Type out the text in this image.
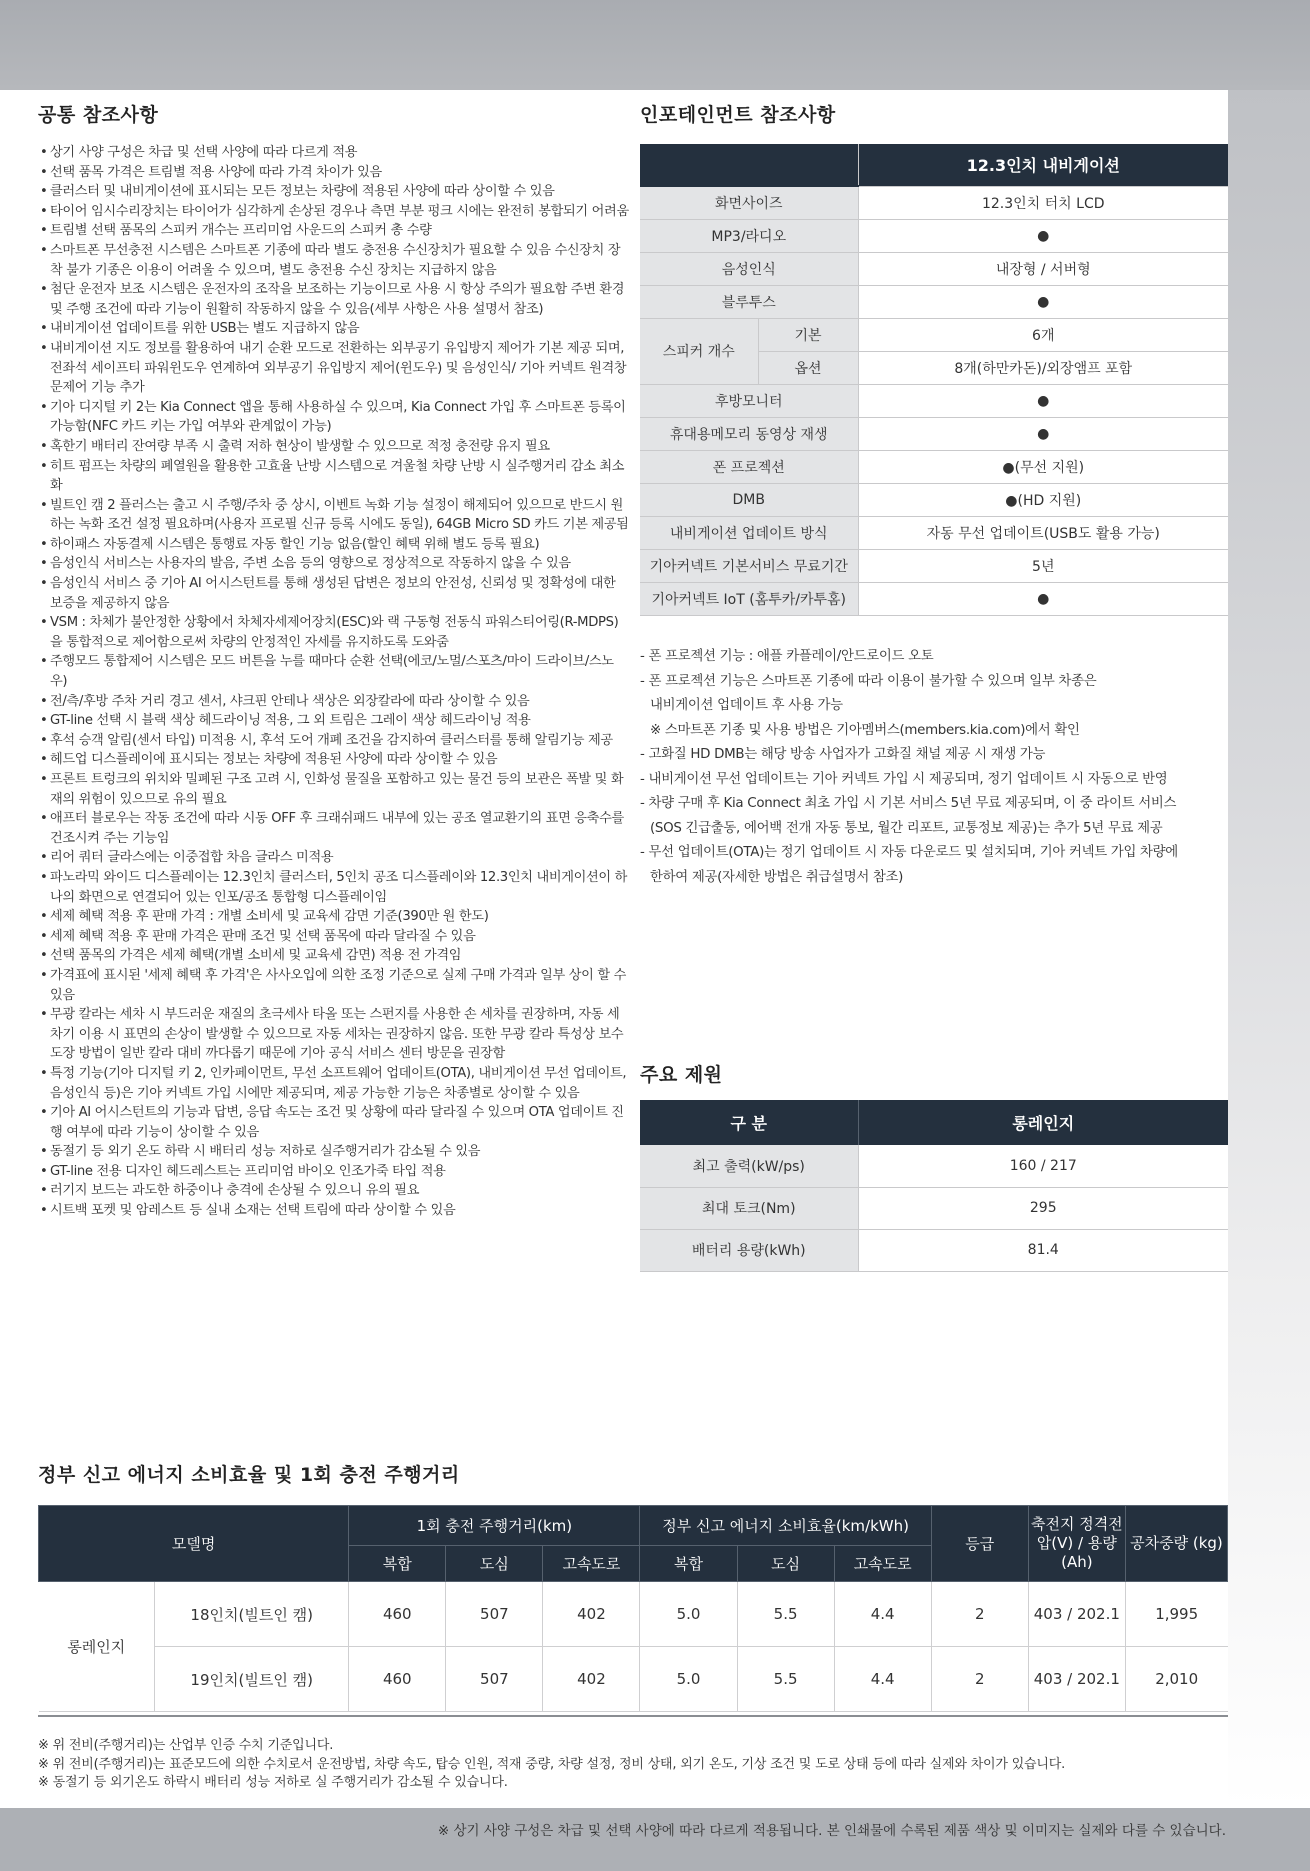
공통 참조사항
• 상기 사양 구성은 차급 및 선택 사양에 따라 다르게 적용
• 선택 품목 가격은 트림별 적용 사양에 따라 가격 차이가 있음
• 클러스터 및 내비게이션에 표시되는 모든 정보는 차량에 적용된 사양에 따라 상이할 수 있음
• 타이어 임시수리장치는 타이어가 심각하게 손상된 경우나 측면 부분 펑크 시에는 완전히 봉합되기 어려움
• 트림별 선택 품목의 스피커 개수는 프리미엄 사운드의 스피커 총 수량
• 스마트폰 무선충전 시스템은 스마트폰 기종에 따라 별도 충전용 수신장치가 필요할 수 있음 수신장치 장착 불가 기종은 이용이 어려울 수 있으며, 별도 충전용 수신 장치는 지급하지 않음
• 첨단 운전자 보조 시스템은 운전자의 조작을 보조하는 기능이므로 사용 시 항상 주의가 필요함 주변 환경 및 주행 조건에 따라 기능이 원활히 작동하지 않을 수 있음(세부 사항은 사용 설명서 참조)
• 내비게이션 업데이트를 위한 USB는 별도 지급하지 않음
• 내비게이션 지도 정보를 활용하여 내기 순환 모드로 전환하는 외부공기 유입방지 제어가 기본 제공 되며, 전좌석 세이프티 파워윈도우 연계하여 외부공기 유입방지 제어(윈도우) 및 음성인식/ 기아 커넥트 원격창문제어 기능 추가
• 기아 디지털 키 2는 Kia Connect 앱을 통해 사용하실 수 있으며, Kia Connect 가입 후 스마트폰 등록이 가능함(NFC 카드 키는 가입 여부와 관계없이 가능)
• 혹한기 배터리 잔여량 부족 시 출력 저하 현상이 발생할 수 있으므로 적정 충전량 유지 필요
• 히트 펌프는 차량의 폐열원을 활용한 고효율 난방 시스템으로 겨울철 차량 난방 시 실주행거리 감소 최소화
• 빌트인 캠 2 플러스는 출고 시 주행/주차 중 상시, 이벤트 녹화 기능 설정이 해제되어 있으므로 반드시 원하는 녹화 조건 설정 필요하며(사용자 프로필 신규 등록 시에도 동일), 64GB Micro SD 카드 기본 제공됨
• 하이패스 자동결제 시스템은 통행료 자동 할인 기능 없음(할인 혜택 위해 별도 등록 필요)
• 음성인식 서비스는 사용자의 발음, 주변 소음 등의 영향으로 정상적으로 작동하지 않을 수 있음
• 음성인식 서비스 중 기아 AI 어시스턴트를 통해 생성된 답변은 정보의 안전성, 신뢰성 및 정확성에 대한 보증을 제공하지 않음
• VSM : 차체가 불안정한 상황에서 차체자세제어장치(ESC)와 랙 구동형 전동식 파워스티어링(R-MDPS)을 통합적으로 제어함으로써 차량의 안정적인 자세를 유지하도록 도와줌
• 주행모드 통합제어 시스템은 모드 버튼을 누를 때마다 순환 선택(에코/노멀/스포츠/마이 드라이브/스노우)
• 전/측/후방 주차 거리 경고 센서, 샤크핀 안테나 색상은 외장칼라에 따라 상이할 수 있음
• GT-line 선택 시 블랙 색상 헤드라이닝 적용, 그 외 트림은 그레이 색상 헤드라이닝 적용
• 후석 승객 알림(센서 타입) 미적용 시, 후석 도어 개폐 조건을 감지하여 클러스터를 통해 알림기능 제공
• 헤드업 디스플레이에 표시되는 정보는 차량에 적용된 사양에 따라 상이할 수 있음
• 프론트 트렁크의 위치와 밀폐된 구조 고려 시, 인화성 물질을 포함하고 있는 물건 등의 보관은 폭발 및 화재의 위험이 있으므로 유의 필요
• 애프터 블로우는 작동 조건에 따라 시동 OFF 후 크래쉬패드 내부에 있는 공조 열교환기의 표면 응축수를 건조시켜 주는 기능임
• 리어 쿼터 글라스에는 이중접합 차음 글라스 미적용
• 파노라믹 와이드 디스플레이는 12.3인치 클러스터, 5인치 공조 디스플레이와 12.3인치 내비게이션이 하나의 화면으로 연결되어 있는 인포/공조 통합형 디스플레이임
• 세제 혜택 적용 후 판매 가격 : 개별 소비세 및 교육세 감면 기준(390만 원 한도)
• 세제 혜택 적용 후 판매 가격은 판매 조건 및 선택 품목에 따라 달라질 수 있음
• 선택 품목의 가격은 세제 혜택(개별 소비세 및 교육세 감면) 적용 전 가격임
• 가격표에 표시된 '세제 혜택 후 가격'은 사사오입에 의한 조정 기준으로 실제 구매 가격과 일부 상이 할 수 있음
• 무광 칼라는 세차 시 부드러운 재질의 초극세사 타올 또는 스펀지를 사용한 손 세차를 권장하며, 자동 세차기 이용 시 표면의 손상이 발생할 수 있으므로 자동 세차는 권장하지 않음. 또한 무광 칼라 특성상 보수 도장 방법이 일반 칼라 대비 까다롭기 때문에 기아 공식 서비스 센터 방문을 권장함
• 특정 기능(기아 디지털 키 2, 인카페이먼트, 무선 소프트웨어 업데이트(OTA), 내비게이션 무선 업데이트, 음성인식 등)은 기아 커넥트 가입 시에만 제공되며, 제공 가능한 기능은 차종별로 상이할 수 있음
• 기아 AI 어시스턴트의 기능과 답변, 응답 속도는 조건 및 상황에 따라 달라질 수 있으며 OTA 업데이트 진행 여부에 따라 기능이 상이할 수 있음
• 동절기 등 외기 온도 하락 시 배터리 성능 저하로 실주행거리가 감소될 수 있음
• GT-line 전용 디자인 헤드레스트는 프리미엄 바이오 인조가죽 타입 적용
• 러기지 보드는 과도한 하중이나 충격에 손상될 수 있으니 유의 필요
• 시트백 포켓 및 암레스트 등 실내 소재는 선택 트림에 따라 상이할 수 있음
인포테인먼트 참조사항
		12.3인치 내비게이션
화면사이즈		12.3인치 터치 LCD
MP3/라디오		●
음성인식		내장형 / 서버형
블루투스		●
스피커 개수	기본	6개
	옵션	8개(하만카돈)/외장앰프 포함
후방모니터		●
휴대용메모리 동영상 재생		●
폰 프로젝션		●(무선 지원)
DMB		●(HD 지원)
내비게이션 업데이트 방식		자동 무선 업데이트(USB도 활용 가능)
기아커넥트 기본서비스 무료기간		5년
기아커넥트 IoT (홈투카/카투홈)		●
- 폰 프로젝션 기능 : 애플 카플레이/안드로이드 오토
- 폰 프로젝션 기능은 스마트폰 기종에 따라 이용이 불가할 수 있으며 일부 차종은
내비게이션 업데이트 후 사용 가능
※ 스마트폰 기종 및 사용 방법은 기아멤버스(members.kia.com)에서 확인
- 고화질 HD DMB는 해당 방송 사업자가 고화질 채널 제공 시 재생 가능
- 내비게이션 무선 업데이트는 기아 커넥트 가입 시 제공되며, 정기 업데이트 시 자동으로 반영
- 차량 구매 후 Kia Connect 최초 가입 시 기본 서비스 5년 무료 제공되며, 이 중 라이트 서비스
(SOS 긴급출동, 에어백 전개 자동 통보, 월간 리포트, 교통정보 제공)는 추가 5년 무료 제공
- 무선 업데이트(OTA)는 정기 업데이트 시 자동 다운로드 및 설치되며, 기아 커넥트 가입 차량에
한하여 제공(자세한 방법은 취급설명서 참조)
주요 제원
구 분	롱레인지
최고 출력(kW/ps)	160 / 217
최대 토크(Nm)	295
배터리 용량(kWh)	81.4
정부 신고 에너지 소비효율 및 1회 충전 주행거리
모델명		1회 충전 주행거리(km)			정부 신고 에너지 소비효율(km/kWh)			등급	축전지 정격전압(V) / 용량(Ah)	공차중량 (kg)
		복합	도심	고속도로	복합	도심	고속도로			
롱레인지	18인치(빌트인 캠)	460	507	402	5.0	5.5	4.4	2	403 / 202.1	1,995
	19인치(빌트인 캠)	460	507	402	5.0	5.5	4.4	2	403 / 202.1	2,010
※ 위 전비(주행거리)는 산업부 인증 수치 기준입니다.
※ 위 전비(주행거리)는 표준모드에 의한 수치로서 운전방법, 차량 속도, 탑승 인원, 적재 중량, 차량 설정, 정비 상태, 외기 온도, 기상 조건 및 도로 상태 등에 따라 실제와 차이가 있습니다.
※ 동절기 등 외기온도 하락시 배터리 성능 저하로 실 주행거리가 감소될 수 있습니다.
※ 상기 사양 구성은 차급 및 선택 사양에 따라 다르게 적용됩니다. 본 인쇄물에 수록된 제품 색상 및 이미지는 실제와 다를 수 있습니다.
